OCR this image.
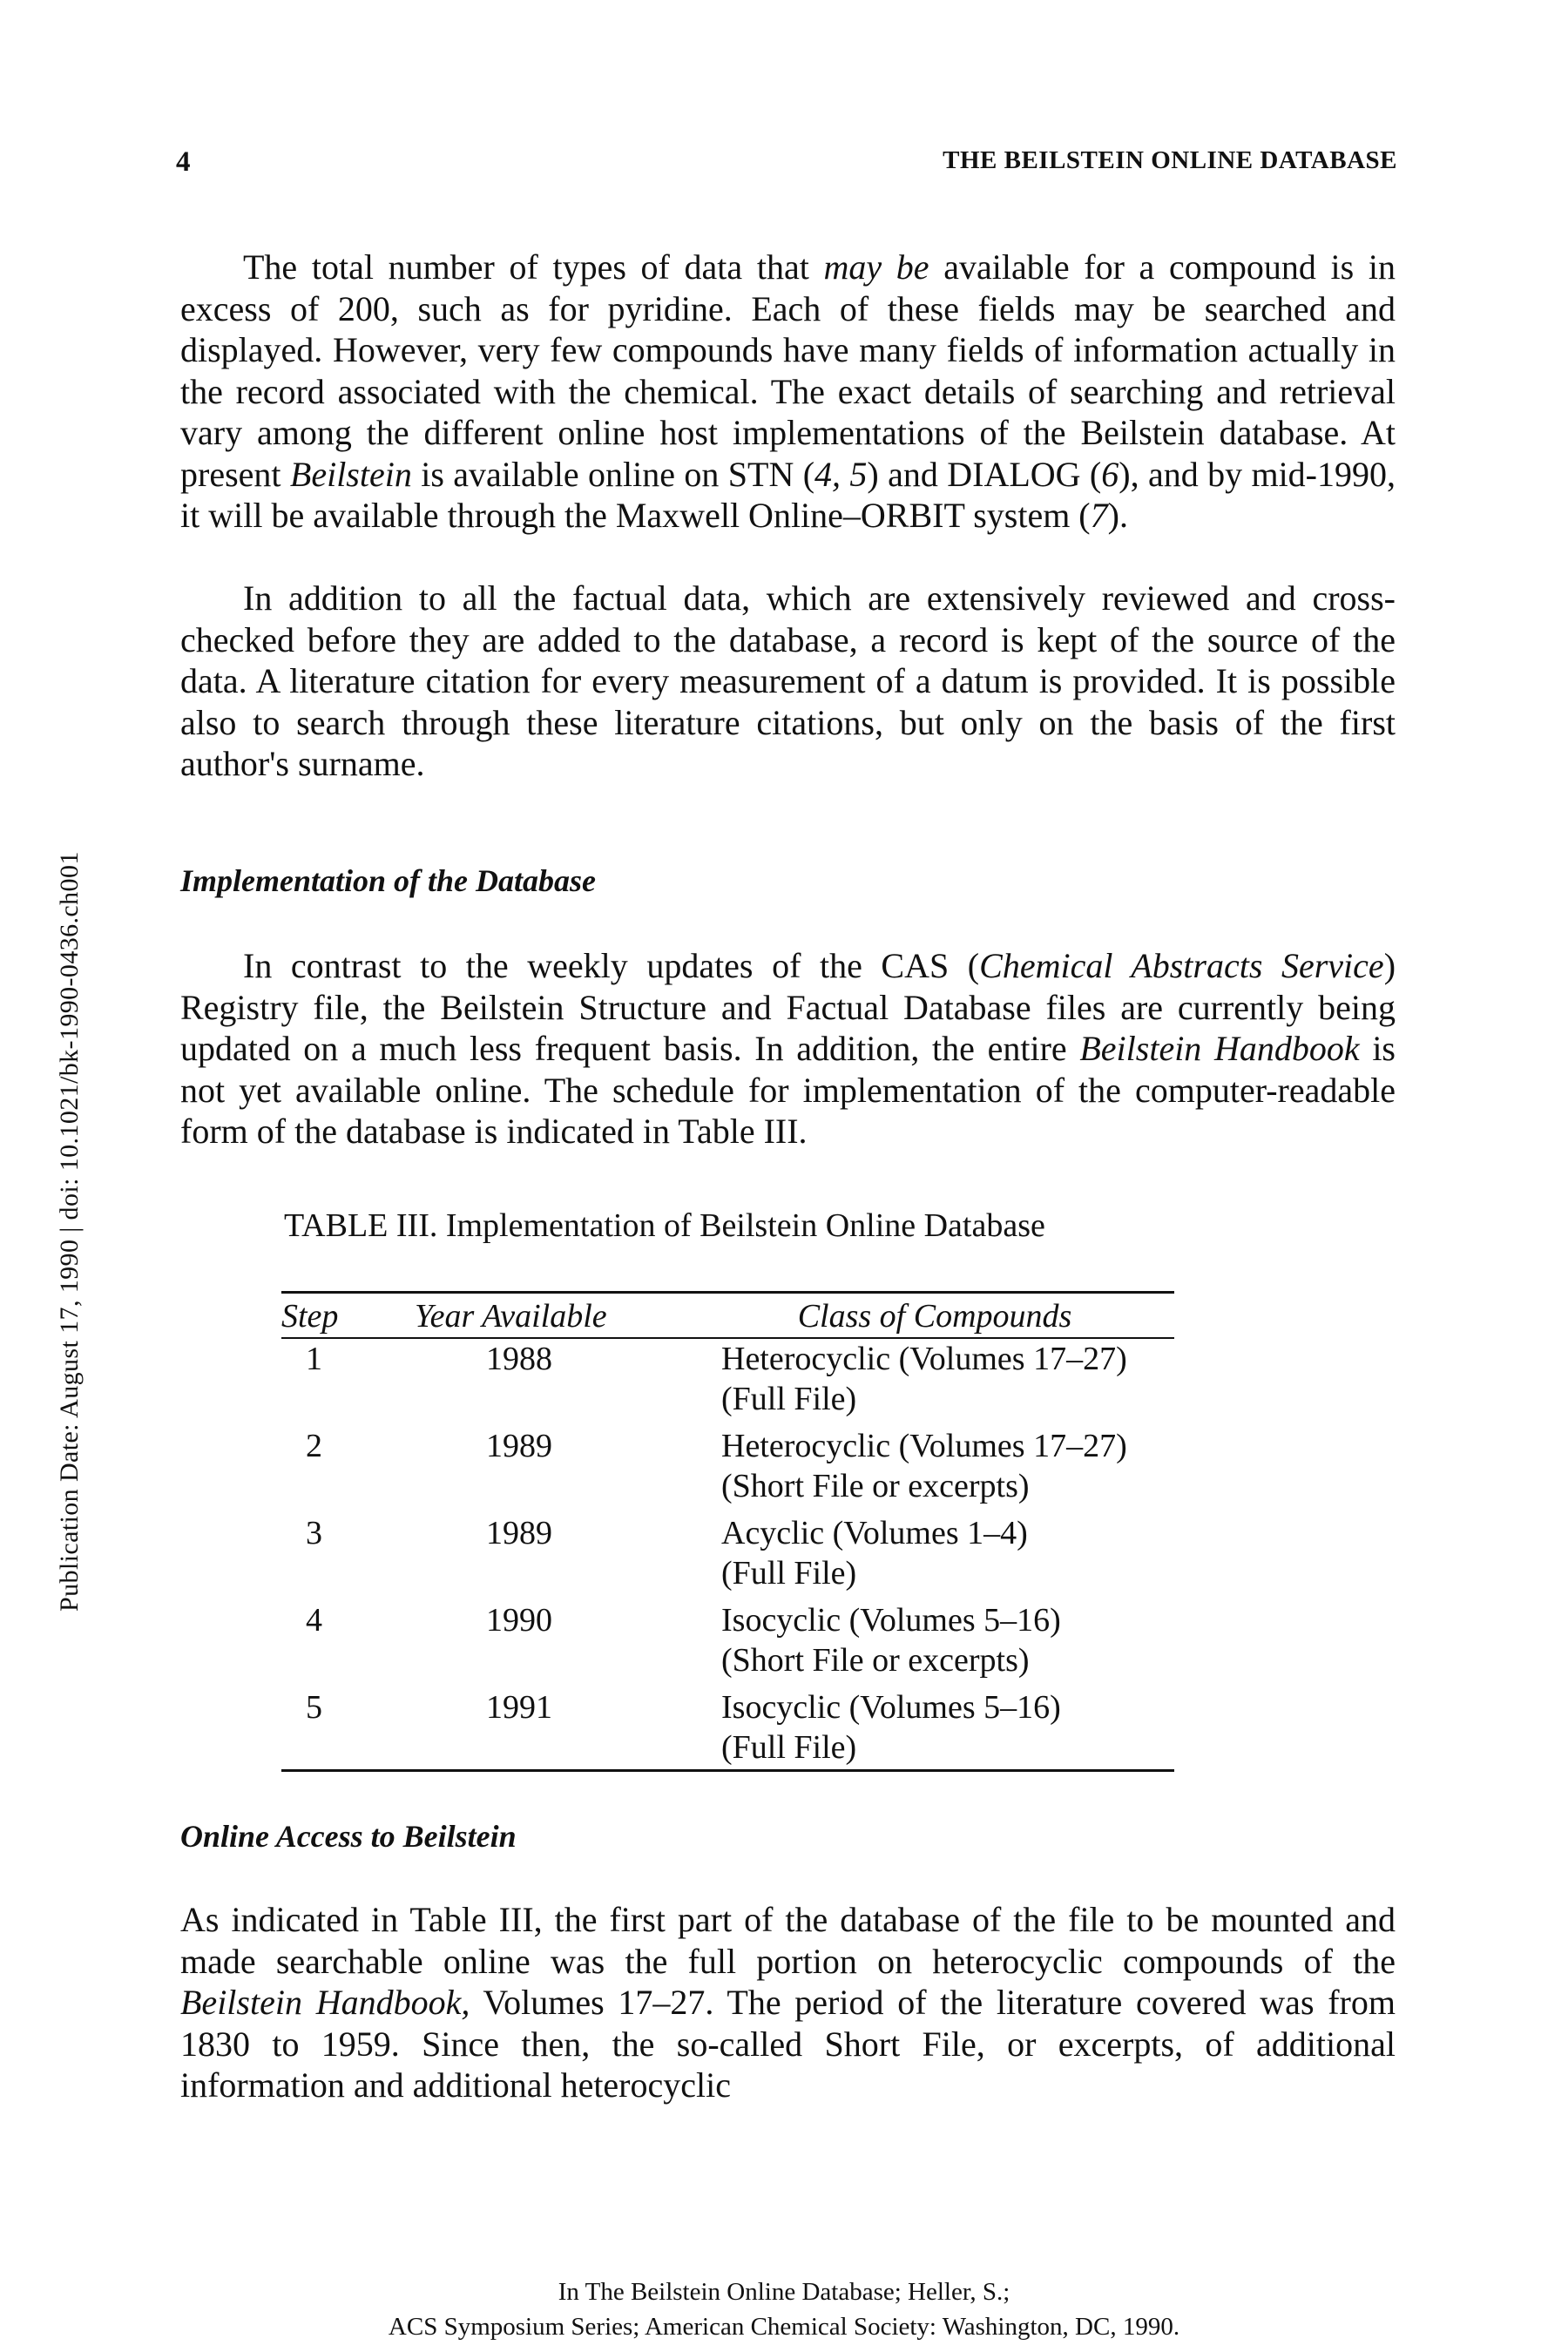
4	THE BEILSTEIN ONLINE DATABASE
Publication Date: August 17, 1990 | doi: 10.1021/bk-1990-0436.ch001

The total number of types of data that may be available for a compound is in excess of 200, such as for pyridine. Each of these fields may be searched and displayed. However, very few compounds have many fields of information actually in the record associated with the chemical. The exact details of searching and retrieval vary among the different online host implementations of the Beilstein database. At present Beilstein is available online on STN (4, 5) and DIALOG (6), and by mid-1990, it will be available through the Maxwell Online–ORBIT system (7).

In addition to all the factual data, which are extensively reviewed and cross-checked before they are added to the database, a record is kept of the source of the data. A literature citation for every measurement of a datum is provided. It is possible also to search through these literature citations, but only on the basis of the first author's surname.

Implementation of the Database

In contrast to the weekly updates of the CAS (Chemical Abstracts Service) Registry file, the Beilstein Structure and Factual Database files are currently being updated on a much less frequent basis. In addition, the entire Beilstein Handbook is not yet available online. The schedule for implementation of the computer-readable form of the database is indicated in Table III.

TABLE III. Implementation of Beilstein Online Database
Step	Year Available	Class of Compounds
1	1988	Heterocyclic (Volumes 17–27)
(Full File)

2	1989	Heterocyclic (Volumes 17–27)
(Short File or excerpts)

3	1989	Acyclic (Volumes 1–4)
(Full File)

4	1990	Isocyclic (Volumes 5–16)
(Short File or excerpts)

5	1991	Isocyclic (Volumes 5–16)
(Full File)
Online Access to Beilstein

As indicated in Table III, the first part of the database of the file to be mounted and made searchable online was the full portion on heterocyclic compounds of the Beilstein Handbook, Volumes 17–27. The period of the literature covered was from 1830 to 1959. Since then, the so-called Short File, or excerpts, of additional information and additional heterocyclic

In The Beilstein Online Database; Heller, S.;
ACS Symposium Series; American Chemical Society: Washington, DC, 1990.
